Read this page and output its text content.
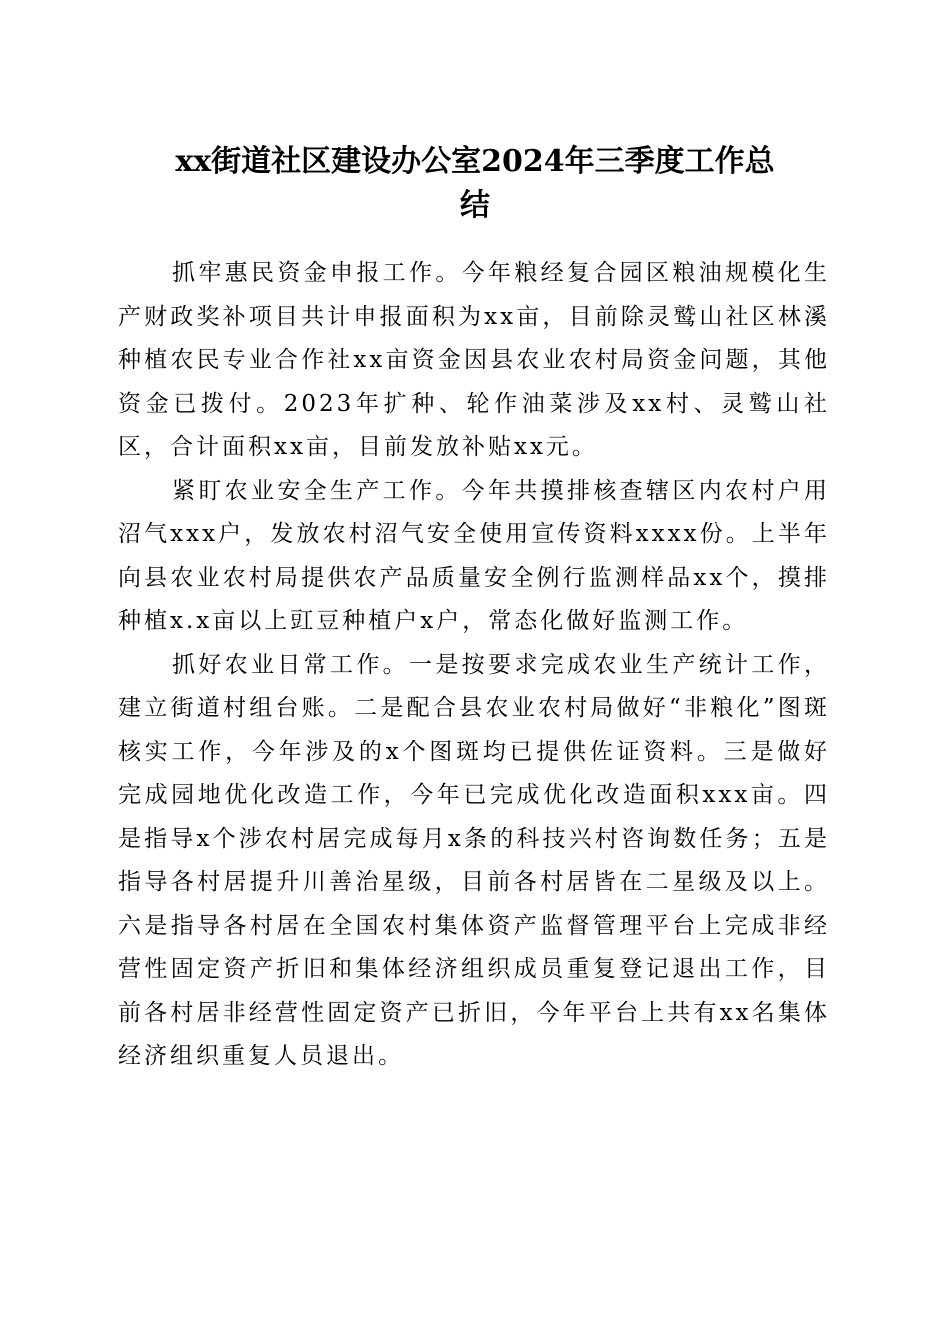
xx街道社区建设办公室2024年三季度工作总
结

抓牢惠民资金申报工作。今年粮经复合园区粮油规模化生产财政奖补项目共计申报面积为xx亩，目前除灵鹫山社区林溪种植农民专业合作社xx亩资金因县农业农村局资金问题，其他资金已拨付。2023年扩种、轮作油菜涉及xx村、灵鹫山社区，合计面积xx亩，目前发放补贴xx元。

紧盯农业安全生产工作。今年共摸排核查辖区内农村户用沼气xxx户，发放农村沼气安全使用宣传资料xxxx份。上半年向县农业农村局提供农产品质量安全例行监测样品xx个，摸排种植x.x亩以上豇豆种植户x户，常态化做好监测工作。

抓好农业日常工作。一是按要求完成农业生产统计工作，建立街道村组台账。二是配合县农业农村局做好“非粮化”图斑核实工作，今年涉及的x个图斑均已提供佐证资料。三是做好完成园地优化改造工作，今年已完成优化改造面积xxx亩。四是指导x个涉农村居完成每月x条的科技兴村咨询数任务；五是指导各村居提升川善治星级，目前各村居皆在二星级及以上。六是指导各村居在全国农村集体资产监督管理平台上完成非经营性固定资产折旧和集体经济组织成员重复登记退出工作，目前各村居非经营性固定资产已折旧，今年平台上共有xx名集体经济组织重复人员退出。
